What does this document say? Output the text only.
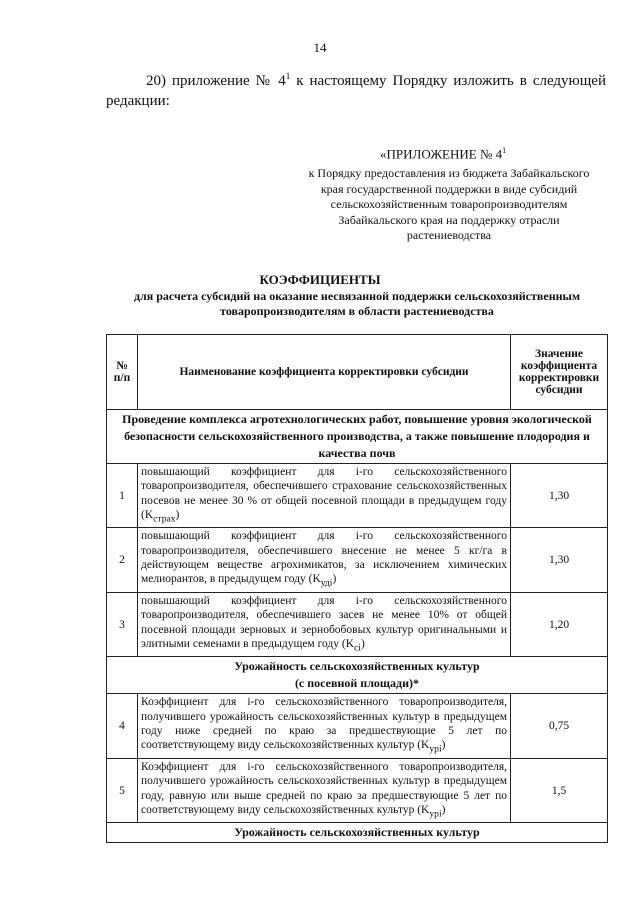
14

20) приложение № $4^1$ к настоящему Порядку изложить в следующей редакции:

«ПРИЛОЖЕНИЕ № $4^1$
к Порядку предоставления из бюджета Забайкальского края государственной поддержки в виде субсидий сельскохозяйственным товаропроизводителям Забайкальского края на поддержку отрасли растениеводства
КОЭФФИЦИЕНТЫ
для расчета субсидий на оказание несвязанной поддержки сельскохозяйственным товаропроизводителям в области растениеводства
№ п/п	Наименование коэффициента корректировки субсидии	Значение коэффициента корректировки субсидии
Проведение комплекса агротехнологических работ, повышение уровня экологической безопасности сельскохозяйственного производства, а также повышение плодородия и качества почв		
1	повышающий коэффициент для i-го сельскохозяйственного товаропроизводителя, обеспечившего страхование сельскохозяйственных посевов не менее 30 % от общей посевной площади в предыдущем году $(K_{страх})$	1,30
2	повышающий коэффициент для i-го сельскохозяйственного товаропроизводителя, обеспечившего внесение не менее 5 кг/га в действующем веществе агрохимикатов, за исключением химических мелиорантов, в предыдущем году $(K_{удi})$	1,30
3	повышающий коэффициент для i-го сельскохозяйственного товаропроизводителя, обеспечившего засев не менее 10% от общей посевной площади зерновых и зернобобовых культур оригинальными и элитными семенами в предыдущем году $(K_{сi})$	1,20
Урожайность сельскохозяйственных культур
(с посевной площади)*		
4	Коэффициент для i-го сельскохозяйственного товаропроизводителя, получившего урожайность сельскохозяйственных культур в предыдущем году ниже средней по краю за предшествующие 5 лет по соответствующему виду сельскохозяйственных культур $(K_{урi})$	0,75
5	Коэффициент для i-го сельскохозяйственного товаропроизводителя, получившего урожайность сельскохозяйственных культур в предыдущем году, равную или выше средней по краю за предшествующие 5 лет по соответствующему виду сельскохозяйственных культур $(K_{урi})$	1,5
Урожайность сельскохозяйственных культур		
